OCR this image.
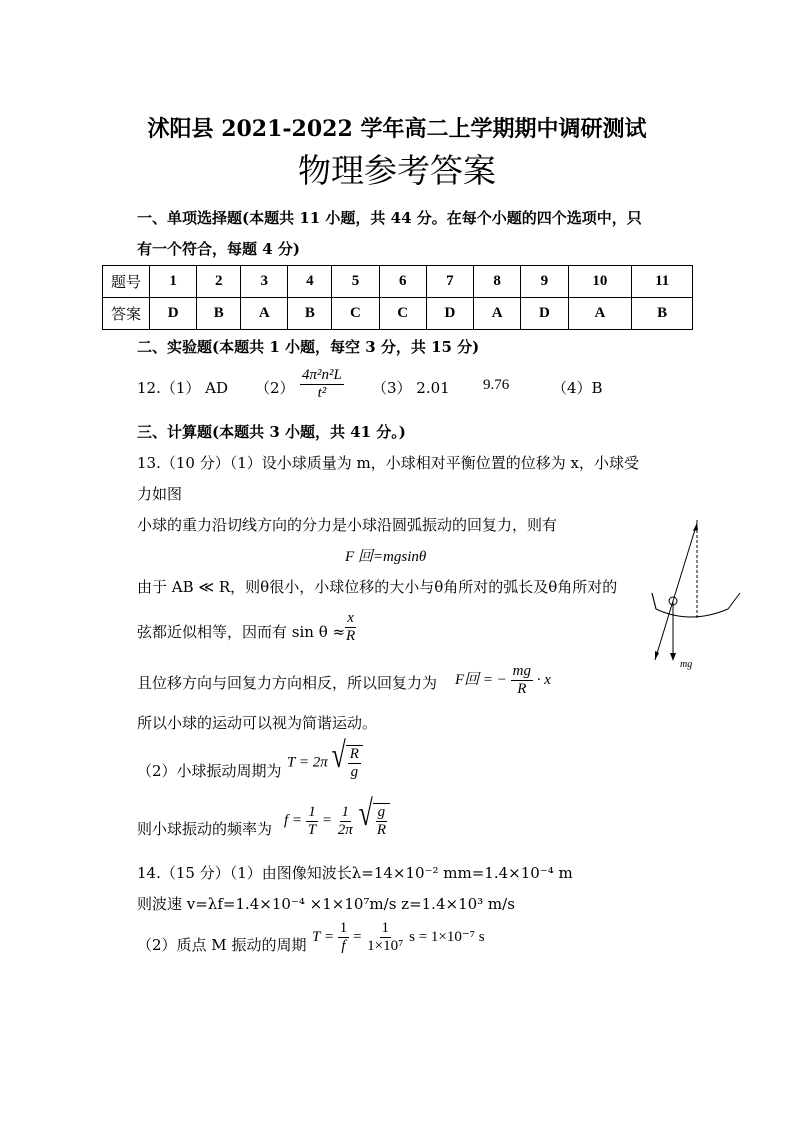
沭阳县 2021-2022 学年高二上学期期中调研测试
物理参考答案
一、单项选择题(本题共 11 小题，共 44 分。在每个小题的四个选项中，只
有一个符合，每题 4 分)
题号	1	2	3	4	5	6	7	8	9	10	11
答案	D	B	A	B	C	C	D	A	D	A	B
二、实验题(本题共 1 小题，每空 3 分，共 15 分)
12.（1） AD $(2) \frac{\text{4π²n²L}}{\text{t²}} (3)$ 2.01 9.76	（4）B
三、计算题(本题共 3 小题，共 41 分。)
13.（10 分）（1）设小球质量为 m，小球相对平衡位置的位移为 x，小球受
力如图
小球的重力沿切线方向的分力是小球沿圆弧振动的回复力，则有
F 回=mgsinθ
由于 AB ≪ R，则θ很小，小球位移的大小与θ角所对的弧长及θ角所对的
弦都近似相等，因而有 sin θ ≈
$\frac{x}{R}$
且位移方向与回复力方向相反，所以回复力为 F回 = − $\frac{mg}{R} \cdot x$
所以小球的运动可以视为简谐运动。
（2）小球振动周期为 T = 2π √ $\frac{R}{g}$
则小球振动的频率为 $f = \frac{1}{T} = \frac{1}{2\pi}$
√ $\frac{g}{R}$
14.（15 分）（1）由图像知波长λ=14×10⁻² mm=1.4×10⁻⁴ m
则波速 v=λf=1.4×10⁻⁴ ×1×10⁷m/s z=1.4×10³ m/s
（2）质点 M 振动的周期 $T = \frac{1}{f} = \frac{1}{\text{1×10⁷}}$ s = 1×10⁻⁷ s
mg
